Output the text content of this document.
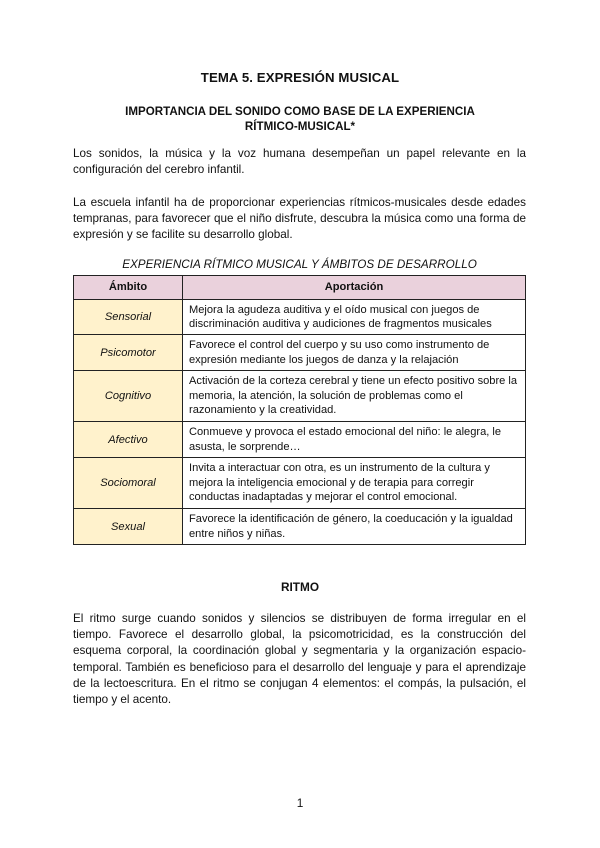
TEMA 5. EXPRESIÓN MUSICAL
IMPORTANCIA DEL SONIDO COMO BASE DE LA EXPERIENCIA
RÍTMICO-MUSICAL*

Los sonidos, la música y la voz humana desempeñan un papel relevante en la configuración del cerebro infantil.

La escuela infantil ha de proporcionar experiencias rítmicos-musicales desde edades tempranas, para favorecer que el niño disfrute, descubra la música como una forma de expresión y se facilite su desarrollo global.

EXPERIENCIA RÍTMICO MUSICAL Y ÁMBITOS DE DESARROLLO
Ámbito	Aportación
Sensorial	Mejora la agudeza auditiva y el oído musical con juegos de discriminación auditiva y audiciones de fragmentos musicales
Psicomotor	Favorece el control del cuerpo y su uso como instrumento de expresión mediante los juegos de danza y la relajación
Cognitivo	Activación de la corteza cerebral y tiene un efecto positivo sobre la memoria, la atención, la solución de problemas como el razonamiento y la creatividad.
Afectivo	Conmueve y provoca el estado emocional del niño: le alegra, le asusta, le sorprende…
Sociomoral	Invita a interactuar con otra, es un instrumento de la cultura y mejora la inteligencia emocional y de terapia para corregir conductas inadaptadas y mejorar el control emocional.
Sexual	Favorece la identificación de género, la coeducación y la igualdad entre niños y niñas.
RITMO

El ritmo surge cuando sonidos y silencios se distribuyen de forma irregular en el tiempo. Favorece el desarrollo global, la psicomotricidad, es la construcción del esquema corporal, la coordinación global y segmentaria y la organización espacio-temporal. También es beneficioso para el desarrollo del lenguaje y para el aprendizaje de la lectoescritura. En el ritmo se conjugan 4 elementos: el compás, la pulsación, el tiempo y el acento.

1
